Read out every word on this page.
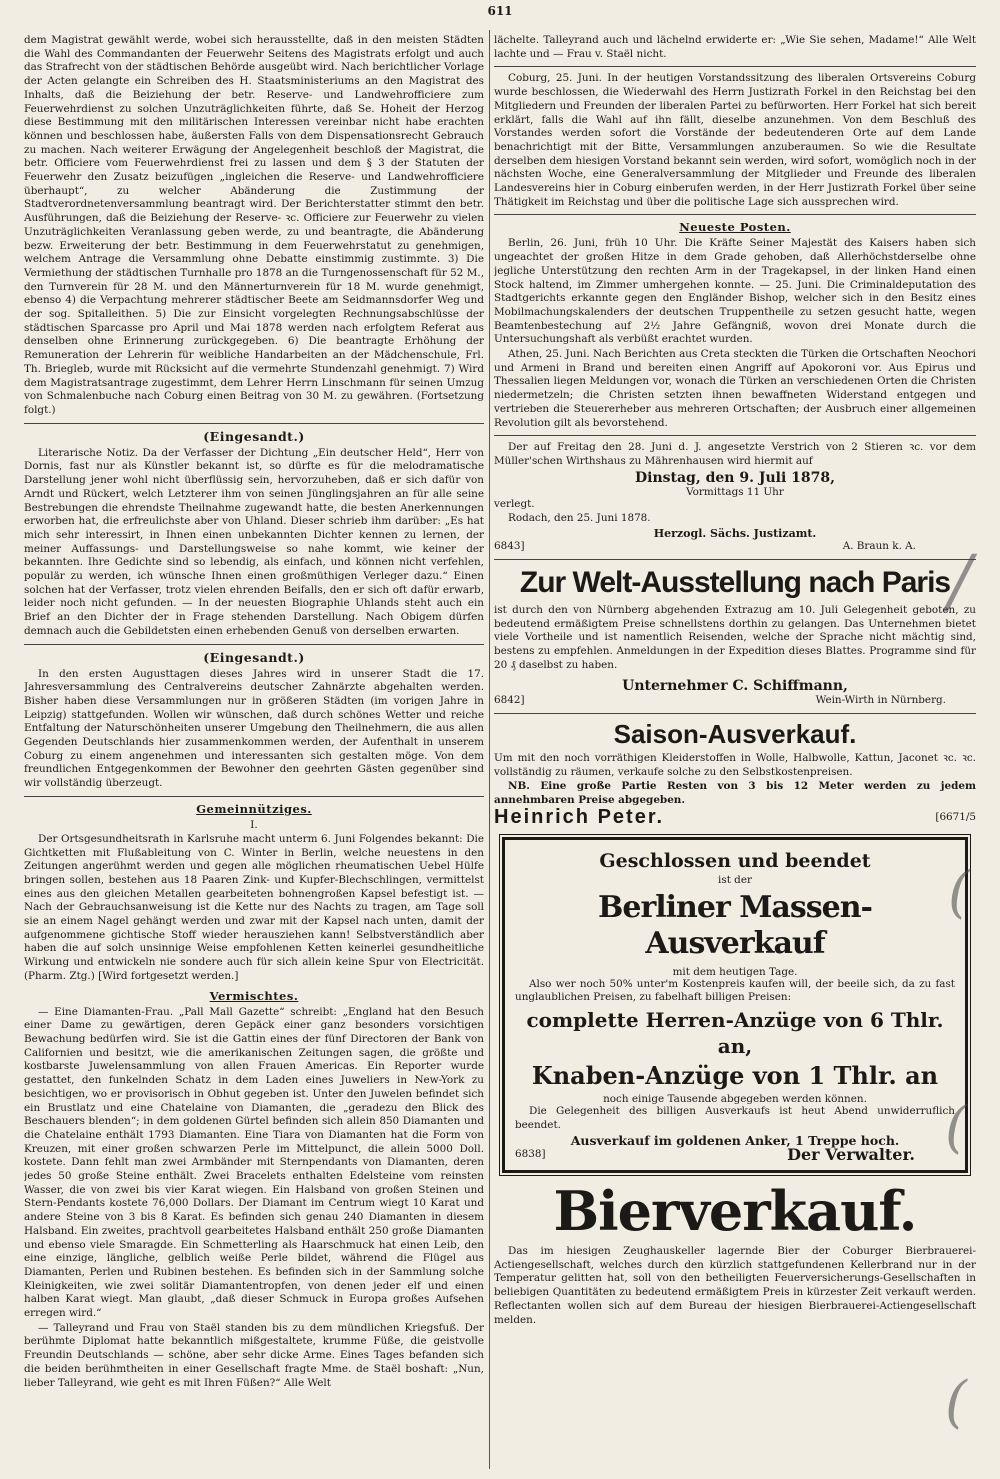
611

dem Magistrat gewählt werde, wobei sich herausstellte, daß in den meisten Städten die Wahl des Commandanten der Feuerwehr Seitens des Magistrats erfolgt und auch das Strafrecht von der städtischen Behörde ausgeübt wird. Nach berichtlicher Vorlage der Acten gelangte ein Schreiben des H. Staatsministeriums an den Magistrat des Inhalts, daß die Beiziehung der betr. Reserve- und Landwehrofficiere zum Feuerwehrdienst zu solchen Unzuträglichkeiten führte, daß Se. Hoheit der Herzog diese Bestimmung mit den militärischen Interessen vereinbar nicht habe erachten können und beschlossen habe, äußersten Falls von dem Dispensationsrecht Gebrauch zu machen. Nach weiterer Erwägung der Angelegenheit beschloß der Magistrat, die betr. Officiere vom Feuerwehrdienst frei zu lassen und dem § 3 der Statuten der Feuerwehr den Zusatz beizufügen „ingleichen die Reserve- und Landwehrofficiere überhaupt“, zu welcher Abänderung die Zustimmung der Stadtverordnetenversammlung beantragt wird. Der Berichterstatter stimmt den betr. Ausführungen, daß die Beiziehung der Reserve- ꝛc. Officiere zur Feuerwehr zu vielen Unzuträglichkeiten Veranlassung geben werde, zu und beantragte, die Abänderung bezw. Erweiterung der betr. Bestimmung in dem Feuerwehrstatut zu genehmigen, welchem Antrage die Versammlung ohne Debatte einstimmig zustimmte. 3) Die Vermiethung der städtischen Turnhalle pro 1878 an die Turngenossenschaft für 52 M., den Turnverein für 28 M. und den Männerturnverein für 18 M. wurde genehmigt, ebenso 4) die Verpachtung mehrerer städtischer Beete am Seidmannsdorfer Weg und der sog. Spitalleithen. 5) Die zur Einsicht vorgelegten Rechnungsabschlüsse der städtischen Sparcasse pro April und Mai 1878 werden nach erfolgtem Referat aus denselben ohne Erinnerung zurückgegeben. 6) Die beantragte Erhöhung der Remuneration der Lehrerin für weibliche Handarbeiten an der Mädchenschule, Frl. Th. Briegleb, wurde mit Rücksicht auf die vermehrte Stundenzahl genehmigt. 7) Wird dem Magistratsantrage zugestimmt, dem Lehrer Herrn Linschmann für seinen Umzug von Schmalenbuche nach Coburg einen Beitrag von 30 M. zu gewähren. (Fortsetzung folgt.)

(Eingesandt.)

Literarische Notiz. Da der Verfasser der Dichtung „Ein deutscher Held“, Herr von Dornis, fast nur als Künstler bekannt ist, so dürfte es für die melodramatische Darstellung jener wohl nicht überflüssig sein, hervorzuheben, daß er sich dafür von Arndt und Rückert, welch Letzterer ihm von seinen Jünglingsjahren an für alle seine Bestrebungen die ehrendste Theilnahme zugewandt hatte, die besten Anerkennungen erworben hat, die erfreulichste aber von Uhland. Dieser schrieb ihm darüber: „Es hat mich sehr interessirt, in Ihnen einen unbekannten Dichter kennen zu lernen, der meiner Auffassungs- und Darstellungsweise so nahe kommt, wie keiner der bekannten. Ihre Gedichte sind so lebendig, als einfach, und können nicht verfehlen, populär zu werden, ich wünsche Ihnen einen großmüthigen Verleger dazu.“ Einen solchen hat der Verfasser, trotz vielen ehrenden Beifalls, den er sich oft dafür erwarb, leider noch nicht gefunden. — In der neuesten Biographie Uhlands steht auch ein Brief an den Dichter der in Frage stehenden Darstellung. Nach Obigem dürfen demnach auch die Gebildetsten einen erhebenden Genuß von derselben erwarten.

(Eingesandt.)

In den ersten Augusttagen dieses Jahres wird in unserer Stadt die 17. Jahresversammlung des Centralvereins deutscher Zahnärzte abgehalten werden. Bisher haben diese Versammlungen nur in größeren Städten (im vorigen Jahre in Leipzig) stattgefunden. Wollen wir wünschen, daß durch schönes Wetter und reiche Entfaltung der Naturschönheiten unserer Umgebung den Theilnehmern, die aus allen Gegenden Deutschlands hier zusammenkommen werden, der Aufenthalt in unserem Coburg zu einem angenehmen und interessanten sich gestalten möge. Von dem freundlichen Entgegenkommen der Bewohner den geehrten Gästen gegenüber sind wir vollständig überzeugt.

Gemeinnütziges.
I.

Der Ortsgesundheitsrath in Karlsruhe macht unterm 6. Juni Folgendes bekannt: Die Gichtketten mit Flußableitung von C. Winter in Berlin, welche neuestens in den Zeitungen angerühmt werden und gegen alle möglichen rheumatischen Uebel Hülfe bringen sollen, bestehen aus 18 Paaren Zink- und Kupfer-Blechschlingen, vermittelst eines aus den gleichen Metallen gearbeiteten bohnengroßen Kapsel befestigt ist. — Nach der Gebrauchsanweisung ist die Kette nur des Nachts zu tragen, am Tage soll sie an einem Nagel gehängt werden und zwar mit der Kapsel nach unten, damit der aufgenommene gichtische Stoff wieder herausziehen kann! Selbstverständlich aber haben die auf solch unsinnige Weise empfohlenen Ketten keinerlei gesundheitliche Wirkung und entwickeln nie sondere auch für sich allein keine Spur von Electricität. (Pharm. Ztg.) [Wird fortgesetzt werden.]

Vermischtes.

— Eine Diamanten-Frau. „Pall Mall Gazette“ schreibt: „England hat den Besuch einer Dame zu gewärtigen, deren Gepäck einer ganz besonders vorsichtigen Bewachung bedürfen wird. Sie ist die Gattin eines der fünf Directoren der Bank von Californien und besitzt, wie die amerikanischen Zeitungen sagen, die größte und kostbarste Juwelensammlung von allen Frauen Americas. Ein Reporter wurde gestattet, den funkelnden Schatz in dem Laden eines Juweliers in New-York zu besichtigen, wo er provisorisch in Obhut gegeben ist. Unter den Juwelen befindet sich ein Brustlatz und eine Chatelaine von Diamanten, die „geradezu den Blick des Beschauers blenden“; in dem goldenen Gürtel befinden sich allein 850 Diamanten und die Chatelaine enthält 1793 Diamanten. Eine Tiara von Diamanten hat die Form von Kreuzen, mit einer großen schwarzen Perle im Mittelpunct, die allein 5000 Doll. kostete. Dann fehlt man zwei Armbänder mit Sternpendants von Diamanten, deren jedes 50 große Steine enthält. Zwei Bracelets enthalten Edelsteine vom reinsten Wasser, die von zwei bis vier Karat wiegen. Ein Halsband von großen Steinen und Stern-Pendants kostete 76,000 Dollars. Der Diamant im Centrum wiegt 10 Karat und andere Steine von 3 bis 8 Karat. Es befinden sich genau 240 Diamanten in diesem Halsband. Ein zweites, prachtvoll gearbeitetes Halsband enthält 250 große Diamanten und ebenso viele Smaragde. Ein Schmetterling als Haarschmuck hat einen Leib, den eine einzige, längliche, gelblich weiße Perle bildet, während die Flügel aus Diamanten, Perlen und Rubinen bestehen. Es befinden sich in der Sammlung solche Kleinigkeiten, wie zwei solitär Diamantentropfen, von denen jeder elf und einen halben Karat wiegt. Man glaubt, „daß dieser Schmuck in Europa großes Aufsehen erregen wird.“

— Talleyrand und Frau von Staël standen bis zu dem mündlichen Kriegsfuß. Der berühmte Diplomat hatte bekanntlich mißgestaltete, krumme Füße, die geistvolle Freundin Deutschlands — schöne, aber sehr dicke Arme. Eines Tages befanden sich die beiden berühmtheiten in einer Gesellschaft fragte Mme. de Staël boshaft: „Nun, lieber Talleyrand, wie geht es mit Ihren Füßen?“ Alle Welt

lächelte. Talleyrand auch und lächelnd erwiderte er: „Wie Sie sehen, Madame!“ Alle Welt lachte und — Frau v. Staël nicht.

Coburg, 25. Juni. In der heutigen Vorstandssitzung des liberalen Ortsvereins Coburg wurde beschlossen, die Wiederwahl des Herrn Justizrath Forkel in den Reichstag bei den Mitgliedern und Freunden der liberalen Partei zu befürworten. Herr Forkel hat sich bereit erklärt, falls die Wahl auf ihn fällt, dieselbe anzunehmen. Von dem Beschluß des Vorstandes werden sofort die Vorstände der bedeutenderen Orte auf dem Lande benachrichtigt mit der Bitte, Versammlungen anzuberaumen. So wie die Resultate derselben dem hiesigen Vorstand bekannt sein werden, wird sofort, womöglich noch in der nächsten Woche, eine Generalversammlung der Mitglieder und Freunde des liberalen Landesvereins hier in Coburg einberufen werden, in der Herr Justizrath Forkel über seine Thätigkeit im Reichstag und über die politische Lage sich aussprechen wird.

Neueste Posten.

Berlin, 26. Juni, früh 10 Uhr. Die Kräfte Seiner Majestät des Kaisers haben sich ungeachtet der großen Hitze in dem Grade gehoben, daß Allerhöchstderselbe ohne jegliche Unterstützung den rechten Arm in der Tragekapsel, in der linken Hand einen Stock haltend, im Zimmer umhergehen konnte. — 25. Juni. Die Criminaldeputation des Stadtgerichts erkannte gegen den Engländer Bishop, welcher sich in den Besitz eines Mobilmachungskalenders der deutschen Truppentheile zu setzen gesucht hatte, wegen Beamtenbestechung auf 2½ Jahre Gefängniß, wovon drei Monate durch die Untersuchungshaft als verbüßt erachtet wurden.

Athen, 25. Juni. Nach Berichten aus Creta steckten die Türken die Ortschaften Neochori und Armeni in Brand und bereiten einen Angriff auf Apokoroni vor. Aus Epirus und Thessalien liegen Meldungen vor, wonach die Türken an verschiedenen Orten die Christen niedermetzeln; die Christen setzten ihnen bewaffneten Widerstand entgegen und vertrieben die Steuererheber aus mehreren Ortschaften; der Ausbruch einer allgemeinen Revolution gilt als bevorstehend.

Der auf Freitag den 28. Juni d. J. angesetzte Verstrich von 2 Stieren ꝛc. vor dem Müller'schen Wirthshaus zu Mährenhausen wird hiermit auf

Dinstag, den 9. Juli 1878,
Vormittags 11 Uhr
verlegt.
Rodach, den 25. Juni 1878.
Herzogl. Sächs. Justizamt.
6843]	A. Braun k. A.
Zur Welt-Ausstellung nach Paris

ist durch den von Nürnberg abgehenden Extrazug am 10. Juli Gelegenheit geboten, zu bedeutend ermäßigtem Preise schnellstens dorthin zu gelangen. Das Unternehmen bietet viele Vortheile und ist namentlich Reisenden, welche der Sprache nicht mächtig sind, bestens zu empfehlen. Anmeldungen in der Expedition dieses Blattes. Programme sind für 20 ₰ daselbst zu haben.

Unternehmer C. Schiffmann,
6842]	Wein-Wirth in Nürnberg.
Saison-Ausverkauf.

Um mit den noch vorräthigen Kleiderstoffen in Wolle, Halbwolle, Kattun, Jaconet ꝛc. ꝛc. vollständig zu räumen, verkaufe solche zu den Selbstkostenpreisen.

NB. Eine große Partie Resten von 3 bis 12 Meter werden zu jedem annehmbaren Preise abgegeben.

Heinrich Peter.	[6671/5
Geschlossen und beendet
ist der
Berliner Massen-Ausverkauf
mit dem heutigen Tage.

Also wer noch 50% unter'm Kostenpreis kaufen will, der beeile sich, da zu fast unglaublichen Preisen, zu fabelhaft billigen Preisen:

complette Herren-Anzüge von 6 Thlr. an,
Knaben-Anzüge von 1 Thlr. an
noch einige Tausende abgegeben werden können.

Die Gelegenheit des billigen Ausverkaufs ist heut Abend unwiderruflich beendet.

Ausverkauf im goldenen Anker, 1 Treppe hoch.
6838]	Der Verwalter.
Bierverkauf.

Das im hiesigen Zeughauskeller lagernde Bier der Coburger Bierbrauerei-Actiengesellschaft, welches durch den kürzlich stattgefundenen Kellerbrand nur in der Temperatur gelitten hat, soll von den betheiligten Feuerversicherungs-Gesellschaften in beliebigen Quantitäten zu bedeutend ermäßigtem Preis in kürzester Zeit verkauft werden. Reflectanten wollen sich auf dem Bureau der hiesigen Bierbrauerei-Actiengesellschaft melden.

/
(
(
(
